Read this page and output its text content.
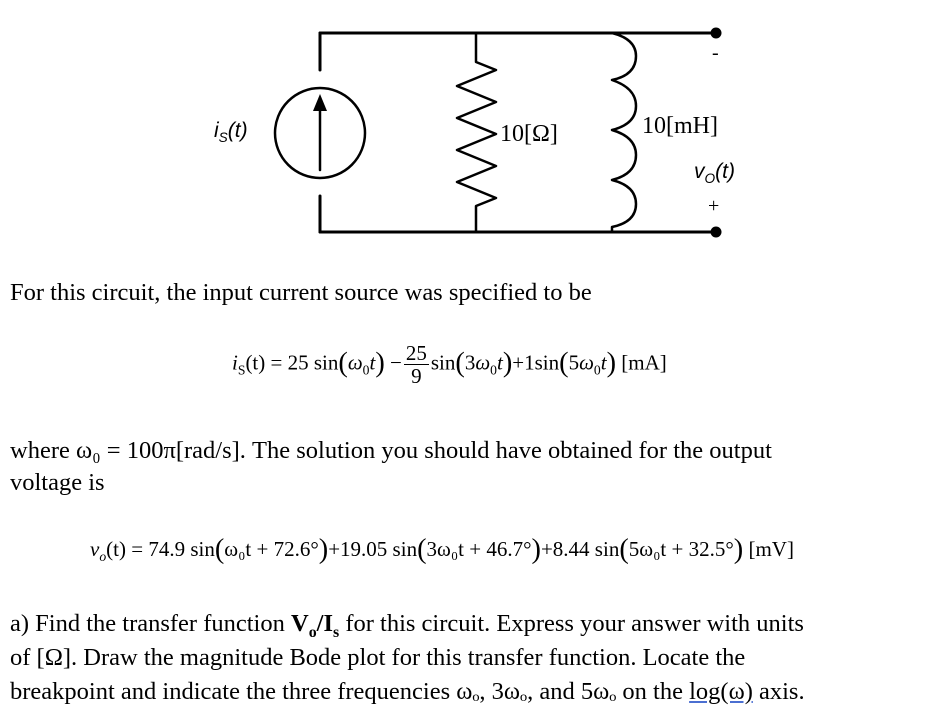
$i_S(t)$	10[Ω]	10[mH]
-
$v_O(t)$
+
For this circuit, the input current source was specified to be
$i_S(t) = 25$ $\sin(\omega_0t) - \frac{25}{9} \sin(3\omega_0t)+1\sin(5\omega_0t)$ [mA]
where ω₀ = 100π[rad/s]. The solution you should have obtained for the output
voltage is
$v_o(t) = 74.9$ sin(ω₀t + 72.6°)+19.05 sin(3ω₀t + 46.7°)+8.44 sin(5ω₀t + 32.5°) [mV]
a) Find the transfer function $V_o/I_s$ for this circuit. Express your answer with units
of [Ω]. Draw the magnitude Bode plot for this transfer function. Locate the
breakpoint and indicate the three frequencies ωₒ, 3ωₒ, and 5ωₒ on the log(ω) axis.
